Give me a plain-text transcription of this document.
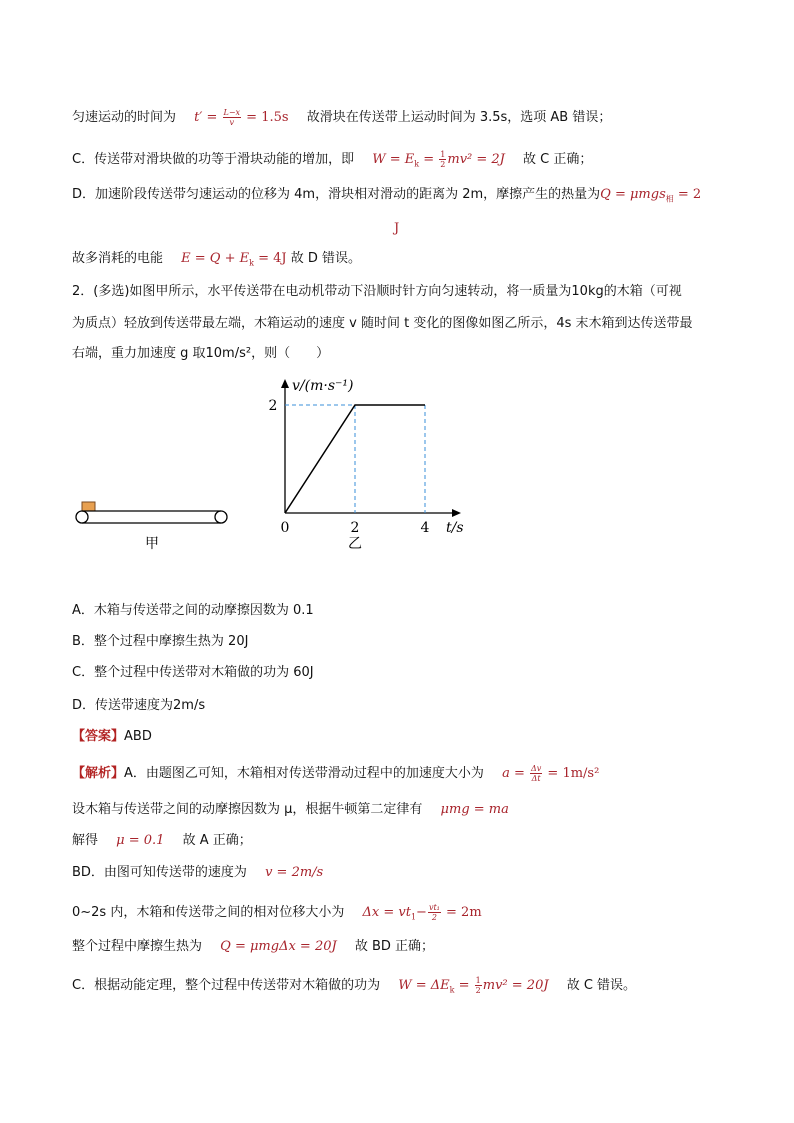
匀速运动的时间为 $t' = \frac{L-x}{v} = 1.5s$ 故滑块在传送带上运动时间为 3.5s，选项 AB 错误；
C．传送带对滑块做的功等于滑块动能的增加，即 $W = E_k = \frac{1}{2} mv^2 = 2J$ 故 C 正确；
D．加速阶段传送带匀速运动的位移为 4m，滑块相对滑动的距离为 2m，摩擦产生的热量为Q = μmgs$_相$ = 2
J
故多消耗的电能 $E = Q + E_k = 4J$ 故 D 错误。
2．(多选)如图甲所示，水平传送带在电动机带动下沿顺时针方向匀速转动，将一质量为10kg的木箱（可视
为质点）轻放到传送带最左端，木箱运动的速度 v 随时间 t 变化的图像如图乙所示，4s 末木箱到达传送带最
右端，重力加速度 g 取10m/s²，则（　　）
甲
v/(m·s⁻¹)
2
0	2	4 t/s
乙
A．木箱与传送带之间的动摩擦因数为 0.1
B．整个过程中摩擦生热为 20J
C．整个过程中传送带对木箱做的功为 60J
D．传送带速度为2m/s
【答案】ABD
【解析】A．由题图乙可知，木箱相对传送带滑动过程中的加速度大小为 $a = \frac{\Delta v}{\Delta t} = 1m/s^2$
设木箱与传送带之间的动摩擦因数为 μ，根据牛顿第二定律有 μmg = ma
解得 μ = 0.1 故 A 正确；
BD．由图可知传送带的速度为 v = 2m/s
0~2s 内，木箱和传送带之间的相对位移大小为 $\Delta x = vt_1- \frac{\text{vt₁}}{2} = 2m$
整个过程中摩擦生热为 Q = μmgΔx = 20J 故 BD 正确；
C．根据动能定理，整个过程中传送带对木箱做的功为 $W = \Delta E_k = \frac{1}{2} mv^2 = 20J$ 故 C 错误。
